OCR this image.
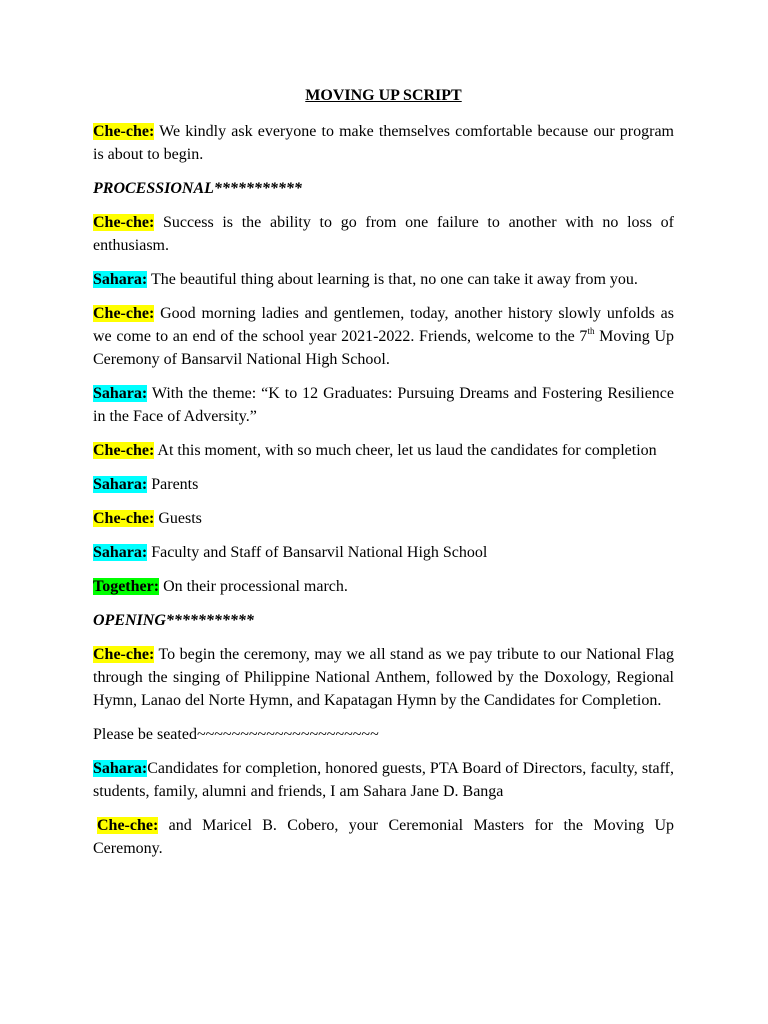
MOVING UP SCRIPT

Che-che: We kindly ask everyone to make themselves comfortable because our program is about to begin.

PROCESSIONAL***********

Che-che: Success is the ability to go from one failure to another with no loss of enthusiasm.

Sahara: The beautiful thing about learning is that, no one can take it away from you.

Che-che: Good morning ladies and gentlemen, today, another history slowly unfolds as we come to an end of the school year 2021-2022. Friends, welcome to the 7th Moving Up Ceremony of Bansarvil National High School.

Sahara: With the theme: “K to 12 Graduates: Pursuing Dreams and Fostering Resilience in the Face of Adversity.”

Che-che: At this moment, with so much cheer, let us laud the candidates for completion

Sahara: Parents

Che-che: Guests

Sahara: Faculty and Staff of Bansarvil National High School

Together: On their processional march.

OPENING***********

Che-che: To begin the ceremony, may we all stand as we pay tribute to our National Flag through the singing of Philippine National Anthem, followed by the Doxology, Regional Hymn, Lanao del Norte Hymn, and Kapatagan Hymn by the Candidates for Completion.

Please be seated~~~~~~~~~~~~~~~~~~~~~

Sahara:Candidates for completion, honored guests, PTA Board of Directors, faculty, staff, students, family, alumni and friends, I am Sahara Jane D. Banga

Che-che: and Maricel B. Cobero, your Ceremonial Masters for the Moving Up Ceremony.
